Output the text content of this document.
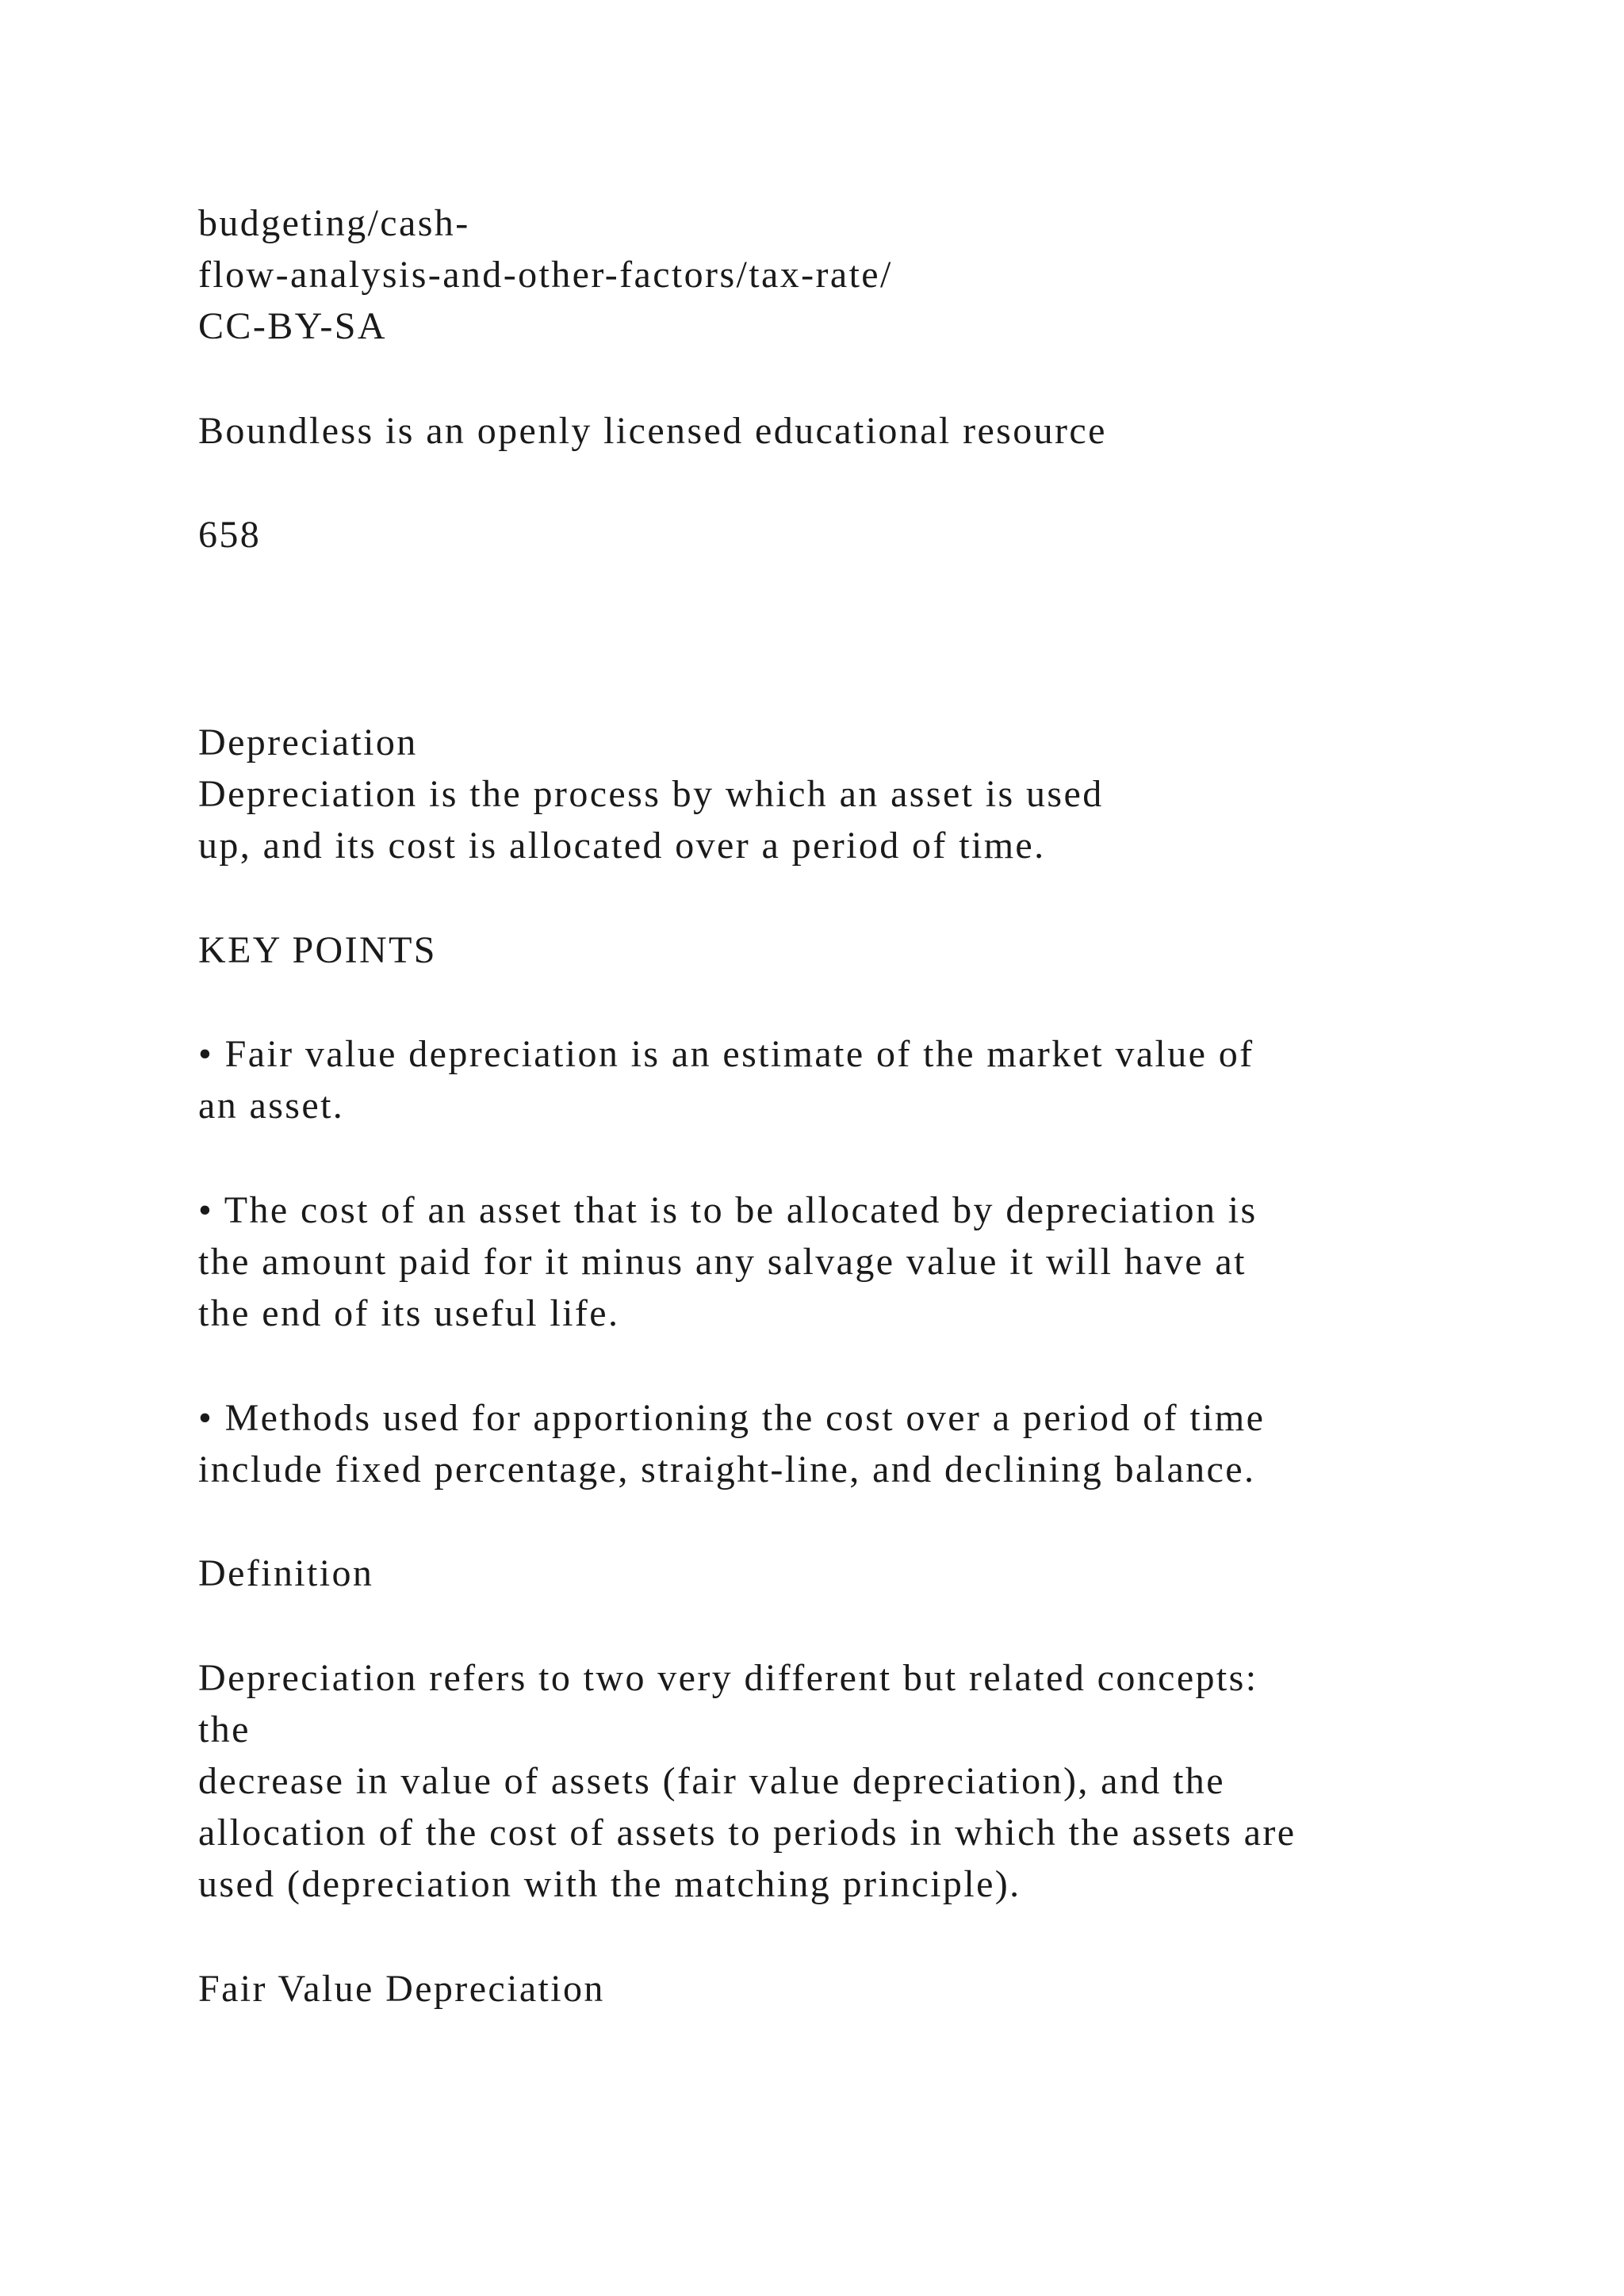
budgeting/cash-

flow-analysis-and-other-factors/tax-rate/

CC-BY-SA

Boundless is an openly licensed educational resource

658

Depreciation

Depreciation is the process by which an asset is used

up, and its cost is allocated over a period of time.

KEY POINTS

• Fair value depreciation is an estimate of the market value of

an asset.

• The cost of an asset that is to be allocated by depreciation is

the amount paid for it minus any salvage value it will have at

the end of its useful life.

• Methods used for apportioning the cost over a period of time

include fixed percentage, straight-line, and declining balance.

Definition

Depreciation refers to two very different but related concepts:

the

decrease in value of assets (fair value depreciation), and the

allocation of the cost of assets to periods in which the assets are

used (depreciation with the matching principle).

Fair Value Depreciation
